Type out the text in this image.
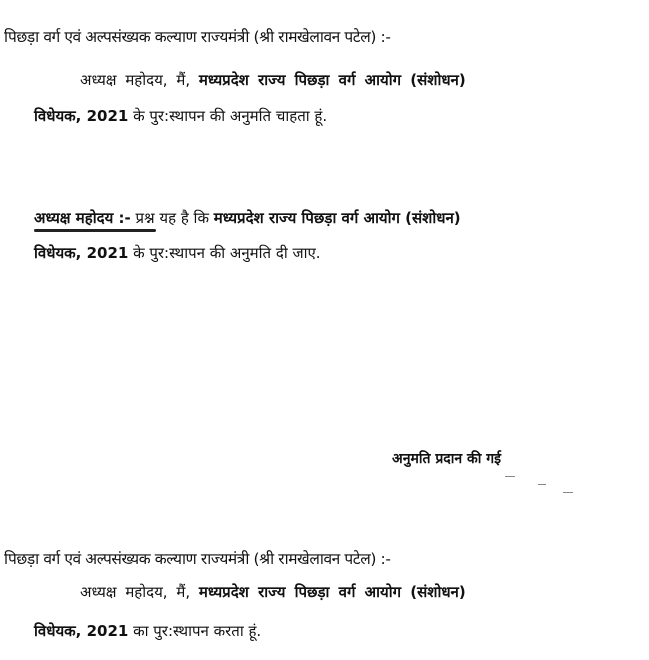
पिछड़ा वर्ग एवं अल्पसंख्यक कल्याण राज्यमंत्री (श्री रामखेलावन पटेल) :-
अध्यक्ष महोदय, मैं, मध्यप्रदेश राज्य पिछड़ा वर्ग आयोग (संशोधन)
विधेयक, 2021 के पुर:स्थापन की अनुमति चाहता हूं.
अध्यक्ष महोदय :- प्रश्न यह है कि मध्यप्रदेश राज्य पिछड़ा वर्ग आयोग (संशोधन)
विधेयक, 2021 के पुर:स्थापन की अनुमति दी जाए.
अनुमति प्रदान की गई
पिछड़ा वर्ग एवं अल्पसंख्यक कल्याण राज्यमंत्री (श्री रामखेलावन पटेल) :-
अध्यक्ष महोदय, मैं, मध्यप्रदेश राज्य पिछड़ा वर्ग आयोग (संशोधन)
विधेयक, 2021 का पुर:स्थापन करता हूं.
